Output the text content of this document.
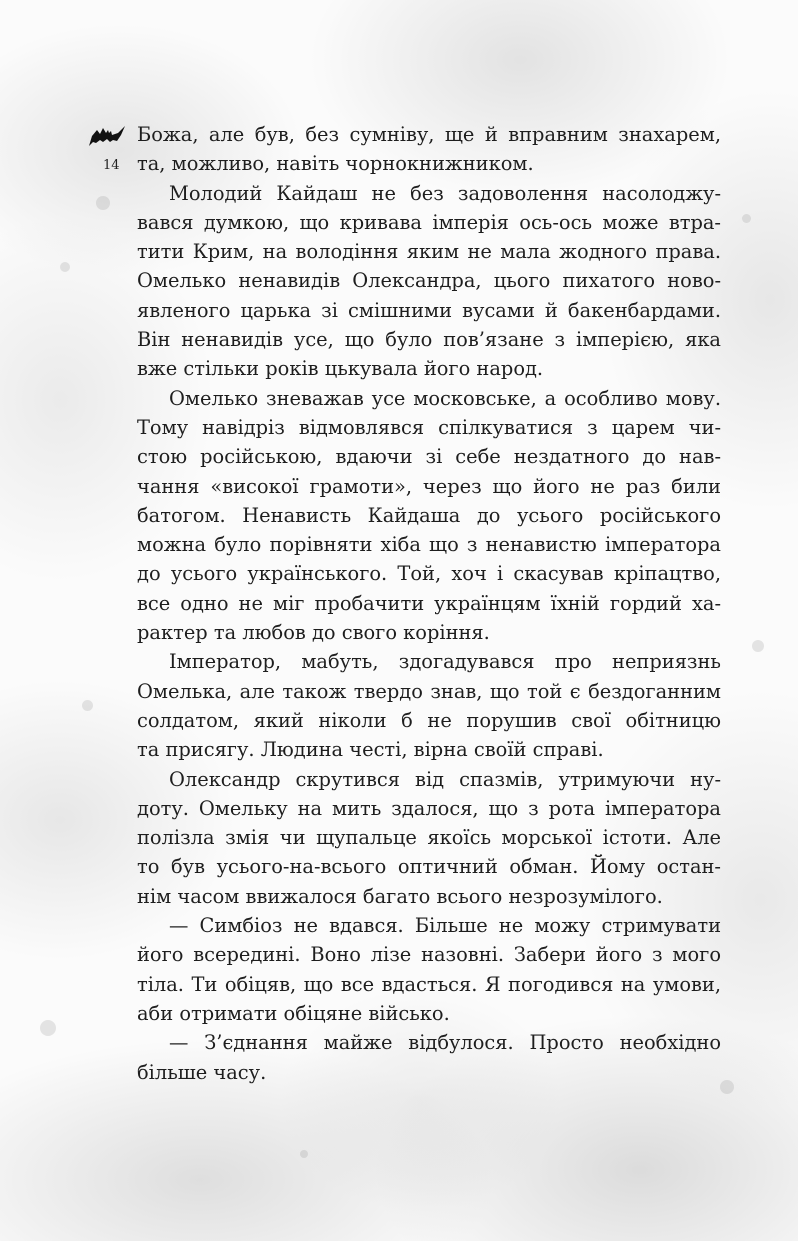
14
Божа, але був, без сумніву, ще й вправним знахарем,
та, можливо, навіть чорнокнижником.
Молодий Кайдаш не без задоволення насолоджу-
вався думкою, що кривава імперія ось-ось може втра-
тити Крим, на володіння яким не мала жодного права.
Омелько ненавидів Олександра, цього пихатого ново-
явленого царька зі смішними вусами й бакенбардами.
Він ненавидів усе, що було пов’язане з імперією, яка
вже стільки років цькувала його народ.
Омелько зневажав усе московське, а особливо мову.
Тому навідріз відмовлявся спілкуватися з царем чи-
стою російською, вдаючи зі себе нездатного до нав-
чання «високої грамоти», через що його не раз били
батогом. Ненависть Кайдаша до усього російського
можна було порівняти хіба що з ненавистю імператора
до усього українського. Той, хоч і скасував кріпацтво,
все одно не міг пробачити українцям їхній гордий ха-
рактер та любов до свого коріння.
Імператор, мабуть, здогадувався про неприязнь
Омелька, але також твердо знав, що той є бездоганним
солдатом, який ніколи б не порушив свої обітницю
та присягу. Людина честі, вірна своїй справі.
Олександр скрутився від спазмів, утримуючи ну-
доту. Омельку на мить здалося, що з рота імператора
полізла змія чи щупальце якоїсь морської істоти. Але
то був усього-на-всього оптичний обман. Йому остан-
нім часом ввижалося багато всього незрозумілого.
— Симбіоз не вдався. Більше не можу стримувати
його всередині. Воно лізе назовні. Забери його з мого
тіла. Ти обіцяв, що все вдасться. Я погодився на умови,
аби отримати обіцяне військо.
— З’єднання майже відбулося. Просто необхідно
більше часу.
